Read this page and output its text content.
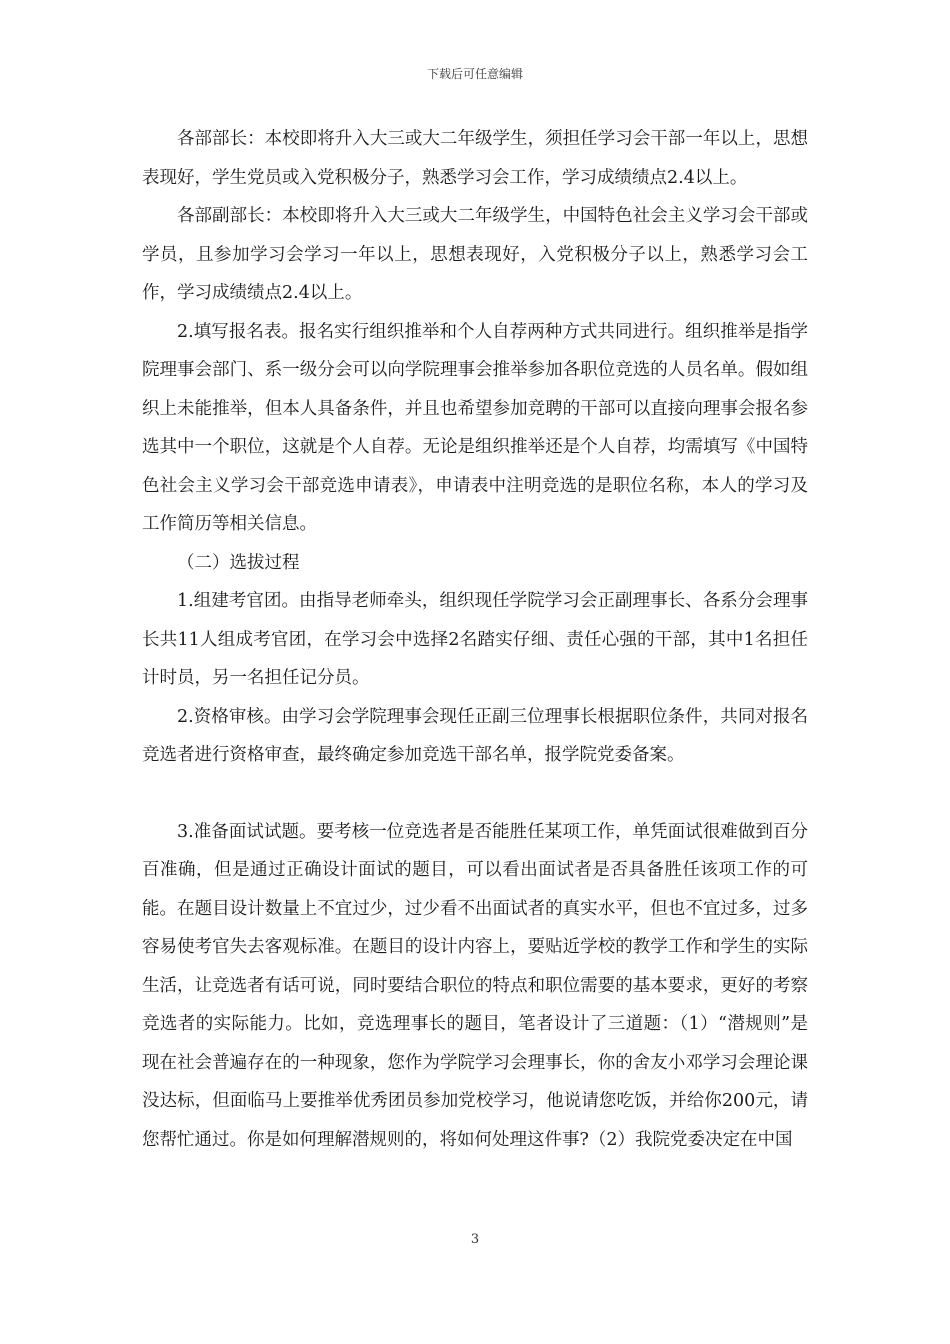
下载后可任意编辑

各部部长：本校即将升入大三或大二年级学生，须担任学习会干部一年以上，思想表现好，学生党员或入党积极分子，熟悉学习会工作，学习成绩绩点2.4以上。

各部副部长：本校即将升入大三或大二年级学生，中国特色社会主义学习会干部或学员，且参加学习会学习一年以上，思想表现好，入党积极分子以上，熟悉学习会工作，学习成绩绩点2.4以上。

2.填写报名表。报名实行组织推举和个人自荐两种方式共同进行。组织推举是指学院理事会部门、系一级分会可以向学院理事会推举参加各职位竞选的人员名单。假如组织上未能推举，但本人具备条件，并且也希望参加竞聘的干部可以直接向理事会报名参选其中一个职位，这就是个人自荐。无论是组织推举还是个人自荐，均需填写《中国特色社会主义学习会干部竞选申请表》，申请表中注明竞选的是职位名称，本人的学习及工作简历等相关信息。

（二）选拔过程

1.组建考官团。由指导老师牵头，组织现任学院学习会正副理事长、各系分会理事长共11人组成考官团，在学习会中选择2名踏实仔细、责任心强的干部，其中1名担任计时员，另一名担任记分员。

2.资格审核。由学习会学院理事会现任正副三位理事长根据职位条件，共同对报名竞选者进行资格审查，最终确定参加竞选干部名单，报学院党委备案。

3.准备面试试题。要考核一位竞选者是否能胜任某项工作，单凭面试很难做到百分百准确，但是通过正确设计面试的题目，可以看出面试者是否具备胜任该项工作的可能。在题目设计数量上不宜过少，过少看不出面试者的真实水平，但也不宜过多，过多容易使考官失去客观标准。在题目的设计内容上，要贴近学校的教学工作和学生的实际生活，让竞选者有话可说，同时要结合职位的特点和职位需要的基本要求，更好的考察竞选者的实际能力。比如，竞选理事长的题目，笔者设计了三道题：（1）“潜规则”是现在社会普遍存在的一种现象，您作为学院学习会理事长，你的舍友小邓学习会理论课没达标，但面临马上要推举优秀团员参加党校学习，他说请您吃饭，并给你200元，请您帮忙通过。你是如何理解潜规则的，将如何处理这件事?（2）我院党委决定在中国

3
